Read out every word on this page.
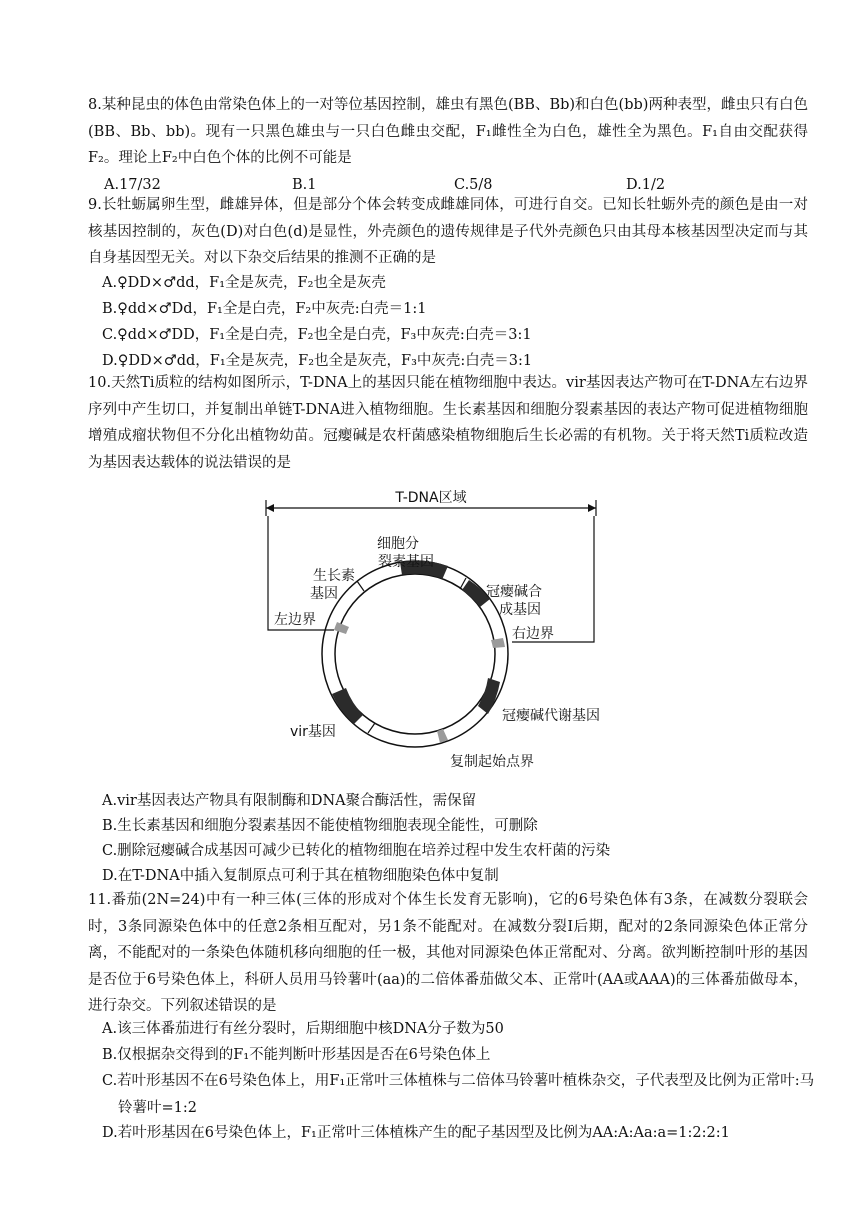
8.某种昆虫的体色由常染色体上的一对等位基因控制，雄虫有黑色(BB、Bb)和白色(bb)两种表型，雌虫只有白色(BB、Bb、bb)。现有一只黑色雄虫与一只白色雌虫交配，F₁雌性全为白色，雄性全为黑色。F₁自由交配获得F₂。理论上F₂中白色个体的比例不可能是

A.17/32	B.1	C.5/8	D.1/2

9.长牡蛎属卵生型，雌雄异体，但是部分个体会转变成雌雄同体，可进行自交。已知长牡蛎外壳的颜色是由一对核基因控制的，灰色(D)对白色(d)是显性，外壳颜色的遗传规律是子代外壳颜色只由其母本核基因型决定而与其自身基因型无关。对以下杂交后结果的推测不正确的是

A.♀DD×♂dd，F₁全是灰壳，F₂也全是灰壳

B.♀dd×♂Dd，F₁全是白壳，F₂中灰壳:白壳＝1:1

C.♀dd×♂DD，F₁全是白壳，F₂也全是白壳，F₃中灰壳:白壳＝3:1

D.♀DD×♂dd，F₁全是灰壳，F₂也全是灰壳，F₃中灰壳:白壳＝3:1

10.天然Ti质粒的结构如图所示，T-DNA上的基因只能在植物细胞中表达。vir基因表达产物可在T-DNA左右边界序列中产生切口，并复制出单链T-DNA进入植物细胞。生长素基因和细胞分裂素基因的表达产物可促进植物细胞增殖成瘤状物但不分化出植物幼苗。冠瘿碱是农杆菌感染植物细胞后生长必需的有机物。关于将天然Ti质粒改造为基因表达载体的说法错误的是

T-DNA区域
细胞分
裂素基因
生长素
基因	冠瘿碱合
成基因
左边界
右边界
冠瘿碱代谢基因
vir基因
复制起始点界

A.vir基因表达产物具有限制酶和DNA聚合酶活性，需保留

B.生长素基因和细胞分裂素基因不能使植物细胞表现全能性，可删除

C.删除冠瘿碱合成基因可减少已转化的植物细胞在培养过程中发生农杆菌的污染

D.在T-DNA中插入复制原点可利于其在植物细胞染色体中复制

11.番茄(2N=24)中有一种三体(三体的形成对个体生长发育无影响)，它的6号染色体有3条，在减数分裂联会时，3条同源染色体中的任意2条相互配对，另1条不能配对。在减数分裂Ⅰ后期，配对的2条同源染色体正常分离，不能配对的一条染色体随机移向细胞的任一极，其他对同源染色体正常配对、分离。欲判断控制叶形的基因是否位于6号染色体上，科研人员用马铃薯叶(aa)的二倍体番茄做父本、正常叶(AA或AAA)的三体番茄做母本，进行杂交。下列叙述错误的是

A.该三体番茄进行有丝分裂时，后期细胞中核DNA分子数为50

B.仅根据杂交得到的F₁不能判断叶形基因是否在6号染色体上

C.若叶形基因不在6号染色体上，用F₁正常叶三体植株与二倍体马铃薯叶植株杂交，子代表型及比例为正常叶:马铃薯叶=1:2

D.若叶形基因在6号染色体上，F₁正常叶三体植株产生的配子基因型及比例为AA:A:Aa:a=1:2:2:1
